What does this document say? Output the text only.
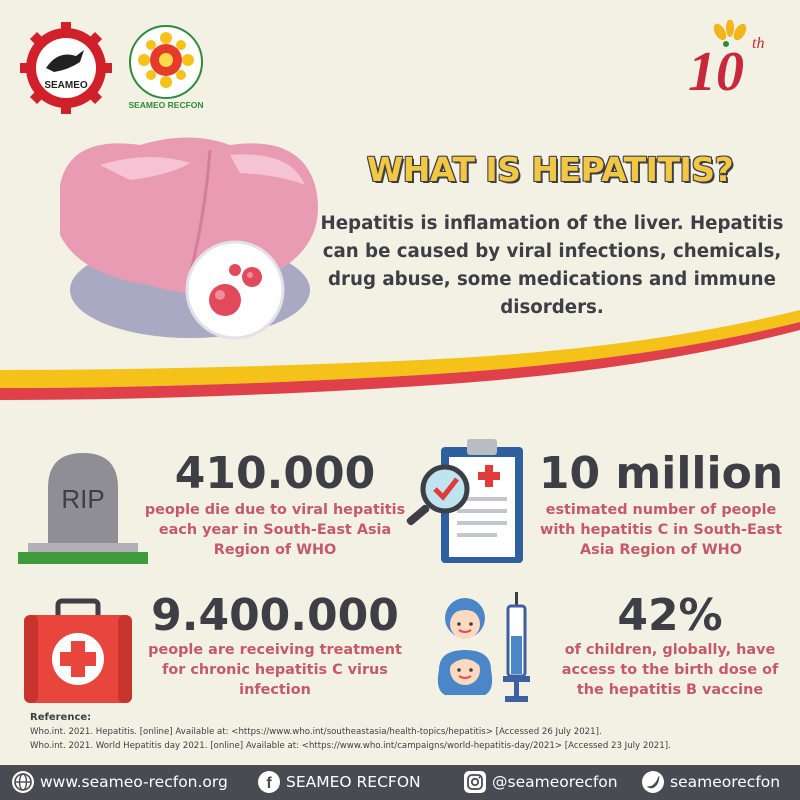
SEAMEO
SEAMEO RECFON
10 th
WHAT IS HEPATITIS?
Hepatitis is inflamation of the liver. Hepatitis can be caused by viral infections, chemicals, drug abuse, some medications and immune disorders.
RIP	410.000
people die due to viral hepatitis each year in South-East Asia Region of WHO
10 million
estimated number of people with hepatitis C in South-East Asia Region of WHO
9.400.000
people are receiving treatment for chronic hepatitis C virus infection
42%
of children, globally, have access to the birth dose of the hepatitis B vaccine
Reference:
Who.int. 2021. Hepatitis. [online] Available at: <https://www.who.int/southeastasia/health-topics/hepatitis> [Accessed 26 July 2021].
Who.int. 2021. World Hepatitis day 2021. [online] Available at: <https://www.who.int/campaigns/world-hepatitis-day/2021> [Accessed 23 July 2021].
www.seameo-recfon.org f SEAMEO RECFON	@seameorecfon	seameorecfon
